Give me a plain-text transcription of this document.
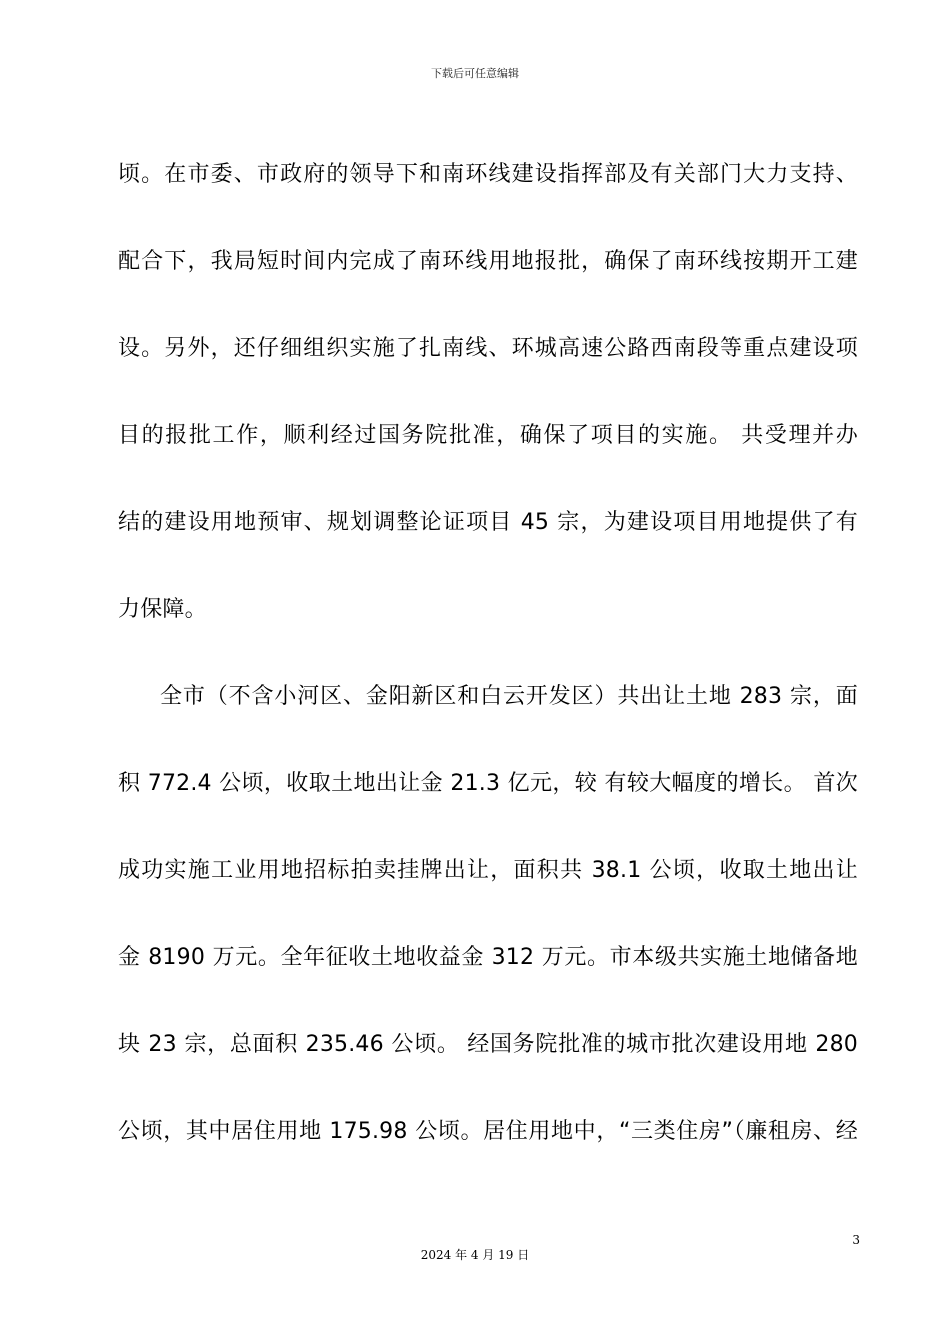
下载后可任意编辑
顷。在市委、市政府的领导下和南环线建设指挥部及有关部门大力支持、
配合下，我局短时间内完成了南环线用地报批，确保了南环线按期开工建
设。另外，还仔细组织实施了扎南线、环城高速公路西南段等重点建设项
目的报批工作，顺利经过国务院批准，确保了项目的实施。 共受理并办
结的建设用地预审、规划调整论证项目 45 宗，为建设项目用地提供了有
力保障。
全市（不含小河区、金阳新区和白云开发区）共出让土地 283 宗，面
积 772.4 公顷，收取土地出让金 21.3 亿元，较 有较大幅度的增长。 首次
成功实施工业用地招标拍卖挂牌出让，面积共 38.1 公顷，收取土地出让
金 8190 万元。全年征收土地收益金 312 万元。市本级共实施土地储备地
块 23 宗，总面积 235.46 公顷。 经国务院批准的城市批次建设用地 280
公顷，其中居住用地 175.98 公顷。居住用地中，“三类住房”（廉租房、经
3
2024 年 4 月 19 日
